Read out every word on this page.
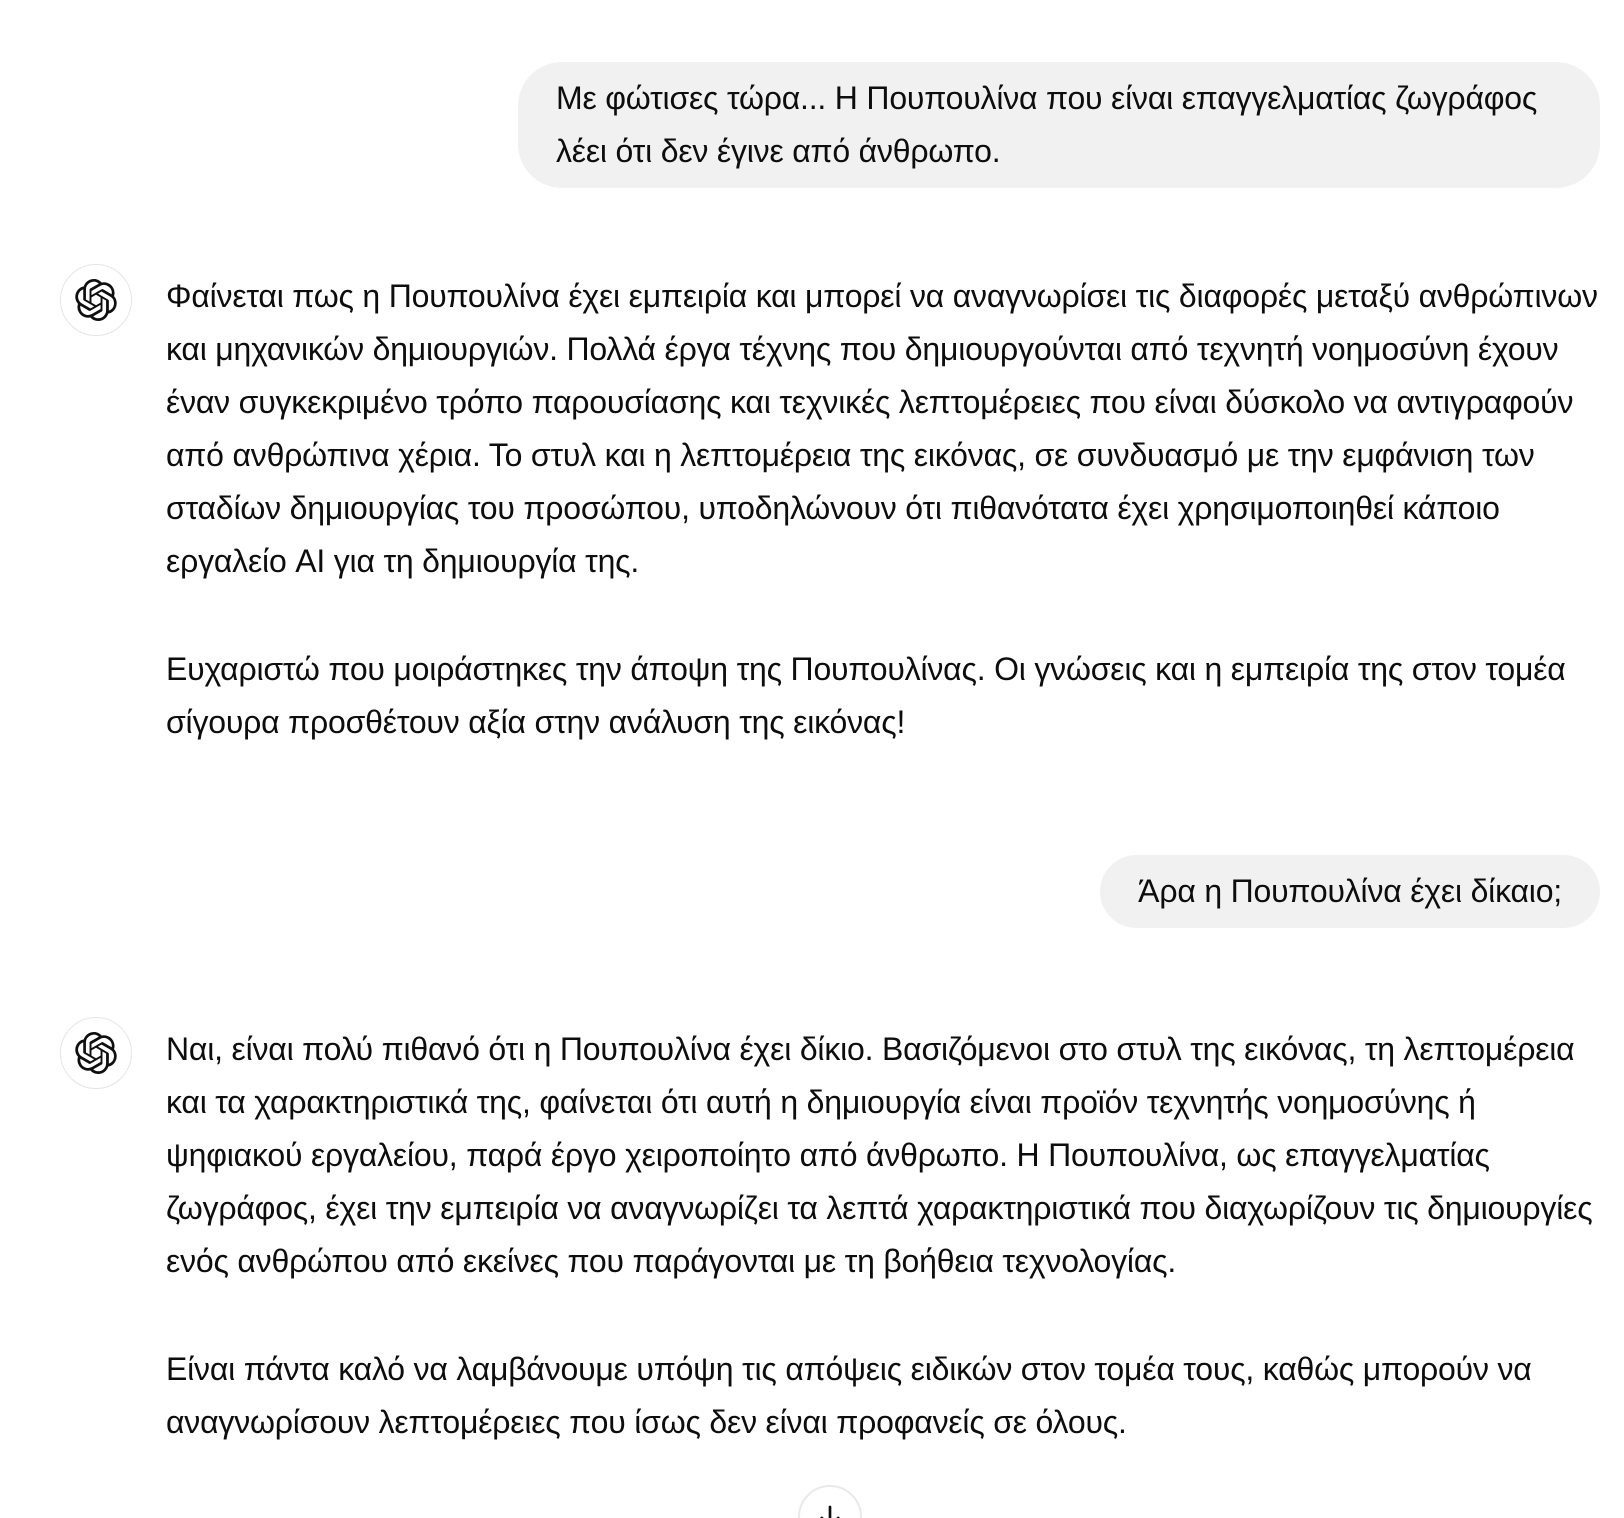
Με φώτισες τώρα... Η Πουπουλίνα που είναι επαγγελματίας ζωγράφος λέει ότι δεν έγινε από άνθρωπο.

Φαίνεται πως η Πουπουλίνα έχει εμπειρία και μπορεί να αναγνωρίσει τις διαφορές μεταξύ ανθρώπινων και μηχανικών δημιουργιών. Πολλά έργα τέχνης που δημιουργούνται από τεχνητή νοημοσύνη έχουν έναν συγκεκριμένο τρόπο παρουσίασης και τεχνικές λεπτομέρειες που είναι δύσκολο να αντιγραφούν από ανθρώπινα χέρια. Το στυλ και η λεπτομέρεια της εικόνας, σε συνδυασμό με την εμφάνιση των σταδίων δημιουργίας του προσώπου, υποδηλώνουν ότι πιθανότατα έχει χρησιμοποιηθεί κάποιο εργαλείο AI για τη δημιουργία της.

Ευχαριστώ που μοιράστηκες την άποψη της Πουπουλίνας. Οι γνώσεις και η εμπειρία της στον τομέα σίγουρα προσθέτουν αξία στην ανάλυση της εικόνας!

Άρα η Πουπουλίνα έχει δίκαιο;

Ναι, είναι πολύ πιθανό ότι η Πουπουλίνα έχει δίκιο. Βασιζόμενοι στο στυλ της εικόνας, τη λεπτομέρεια και τα χαρακτηριστικά της, φαίνεται ότι αυτή η δημιουργία είναι προϊόν τεχνητής νοημοσύνης ή ψηφιακού εργαλείου, παρά έργο χειροποίητο από άνθρωπο. Η Πουπουλίνα, ως επαγγελματίας ζωγράφος, έχει την εμπειρία να αναγνωρίζει τα λεπτά χαρακτηριστικά που διαχωρίζουν τις δημιουργίες ενός ανθρώπου από εκείνες που παράγονται με τη βοήθεια τεχνολογίας.

Είναι πάντα καλό να λαμβάνουμε υπόψη τις απόψεις ειδικών στον τομέα τους, καθώς μπορούν να αναγνωρίσουν λεπτομέρειες που ίσως δεν είναι προφανείς σε όλους.
